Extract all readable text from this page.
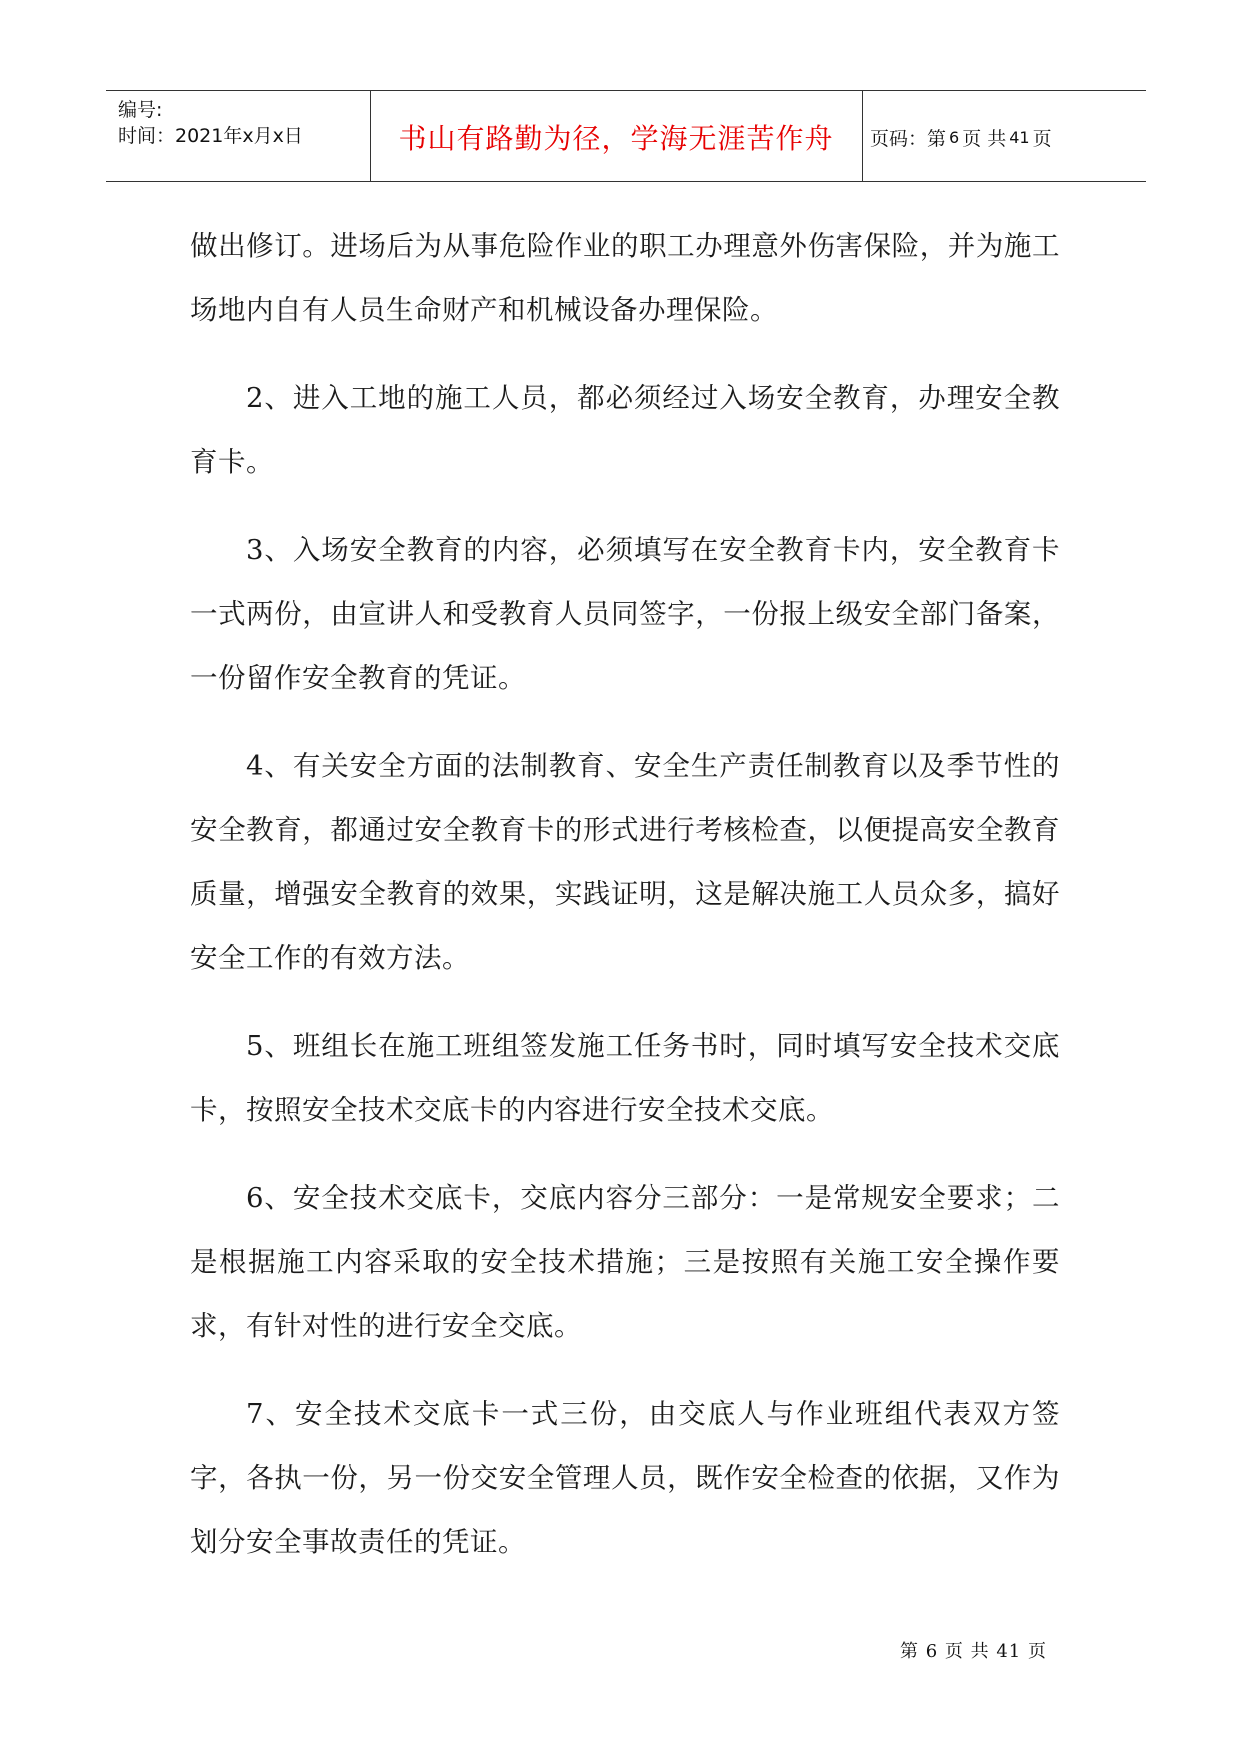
编号:
时间：2021年x月x日	书山有路勤为径，学海无涯苦作舟	页码：第 6 页 共 41 页

做出修订。进场后为从事危险作业的职工办理意外伤害保险，并为施工场地内自有人员生命财产和机械设备办理保险。

2、进入工地的施工人员，都必须经过入场安全教育，办理安全教育卡。

3、入场安全教育的内容，必须填写在安全教育卡内，安全教育卡一式两份，由宣讲人和受教育人员同签字，一份报上级安全部门备案，一份留作安全教育的凭证。

4、有关安全方面的法制教育、安全生产责任制教育以及季节性的安全教育，都通过安全教育卡的形式进行考核检查，以便提高安全教育质量，增强安全教育的效果，实践证明，这是解决施工人员众多，搞好安全工作的有效方法。

5、班组长在施工班组签发施工任务书时，同时填写安全技术交底卡，按照安全技术交底卡的内容进行安全技术交底。

6、安全技术交底卡，交底内容分三部分：一是常规安全要求；二是根据施工内容采取的安全技术措施；三是按照有关施工安全操作要求，有针对性的进行安全交底。

7、安全技术交底卡一式三份，由交底人与作业班组代表双方签字，各执一份，另一份交安全管理人员，既作安全检查的依据，又作为划分安全事故责任的凭证。

第 6 页 共 41 页
